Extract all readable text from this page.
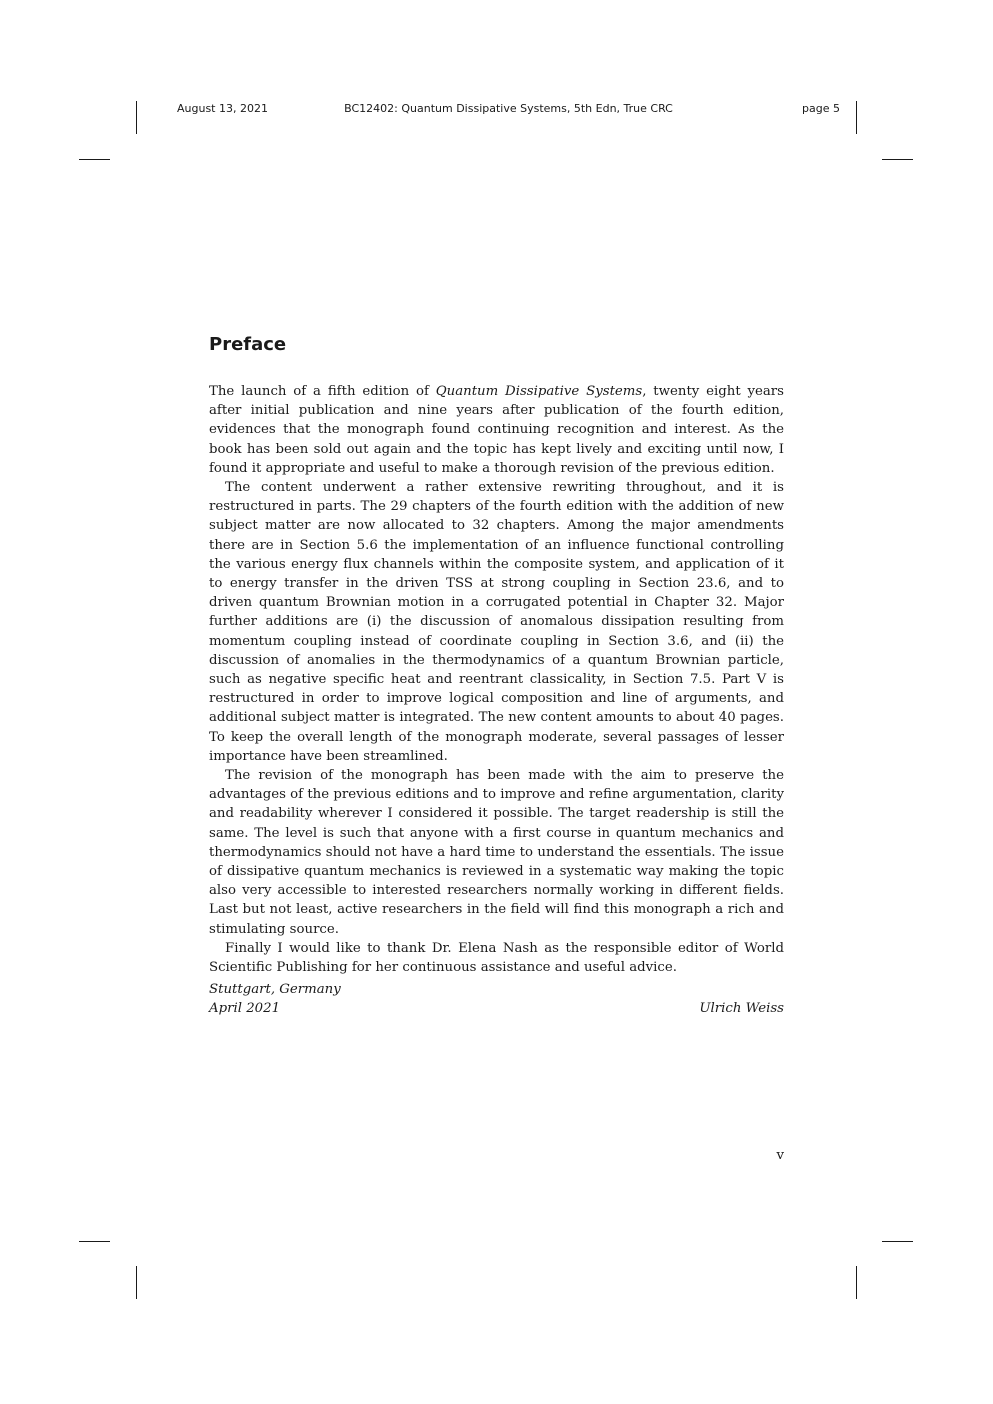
August 13, 2021	BC12402: Quantum Dissipative Systems, 5th Edn, True CRC	page 5
Preface

The launch of a fifth edition of Quantum Dissipative Systems, twenty eight years after initial publication and nine years after publication of the fourth edition, evidences that the monograph found continuing recognition and interest. As the book has been sold out again and the topic has kept lively and exciting until now, I found it appropriate and useful to make a thorough revision of the previous edition.

The content underwent a rather extensive rewriting throughout, and it is restructured in parts. The 29 chapters of the fourth edition with the addition of new subject matter are now allocated to 32 chapters. Among the major amendments there are in Section 5.6 the implementation of an influence functional controlling the various energy flux channels within the composite system, and application of it to energy transfer in the driven TSS at strong coupling in Section 23.6, and to driven quantum Brownian motion in a corrugated potential in Chapter 32. Major further additions are (i) the discussion of anomalous dissipation resulting from momentum coupling instead of coordinate coupling in Section 3.6, and (ii) the discussion of anomalies in the thermodynamics of a quantum Brownian particle, such as negative specific heat and reentrant classicality, in Section 7.5. Part V is restructured in order to improve logical composition and line of arguments, and additional subject matter is integrated. The new content amounts to about 40 pages. To keep the overall length of the monograph moderate, several passages of lesser importance have been streamlined.

The revision of the monograph has been made with the aim to preserve the advantages of the previous editions and to improve and refine argumentation, clarity and readability wherever I considered it possible. The target readership is still the same. The level is such that anyone with a first course in quantum mechanics and thermodynamics should not have a hard time to understand the essentials. The issue of dissipative quantum mechanics is reviewed in a systematic way making the topic also very accessible to interested researchers normally working in different fields. Last but not least, active researchers in the field will find this monograph a rich and stimulating source.

Finally I would like to thank Dr. Elena Nash as the responsible editor of World Scientific Publishing for her continuous assistance and useful advice.

Stuttgart, Germany
April 2021	Ulrich Weiss
v
